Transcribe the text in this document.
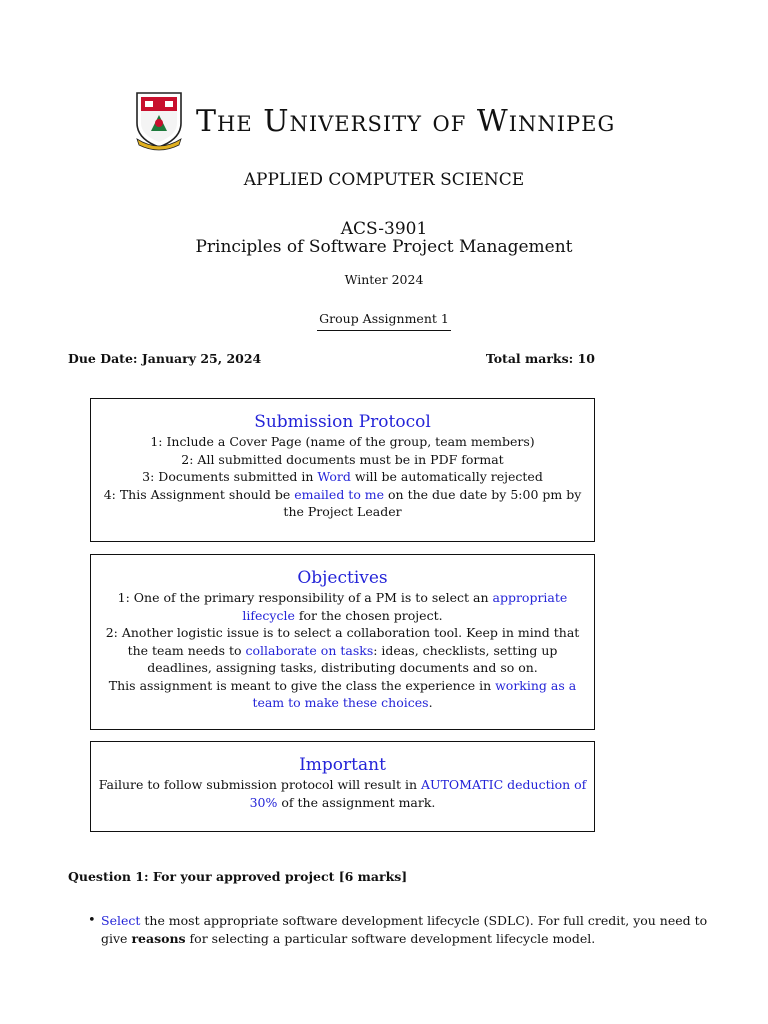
The University of Winnipeg
APPLIED COMPUTER SCIENCE
ACS-3901
Principles of Software Project Management
Winter 2024
Group Assignment 1
Due Date: January 25, 2024	Total marks: 10
Submission Protocol
1: Include a Cover Page (name of the group, team members)
2: All submitted documents must be in PDF format
3: Documents submitted in Word will be automatically rejected
4: This Assignment should be emailed to me on the due date by 5:00 pm by the Project Leader
Objectives
1: One of the primary responsibility of a PM is to select an appropriate lifecycle for the chosen project.
2: Another logistic issue is to select a collaboration tool. Keep in mind that the team needs to collaborate on tasks: ideas, checklists, setting up deadlines, assigning tasks, distributing documents and so on.
This assignment is meant to give the class the experience in working as a team to make these choices.
Important
Failure to follow submission protocol will result in AUTOMATIC deduction of 30% of the assignment mark.
Question 1: For your approved project [6 marks]
• Select the most appropriate software development lifecycle (SDLC). For full credit, you need to give reasons for selecting a particular software development lifecycle model.
